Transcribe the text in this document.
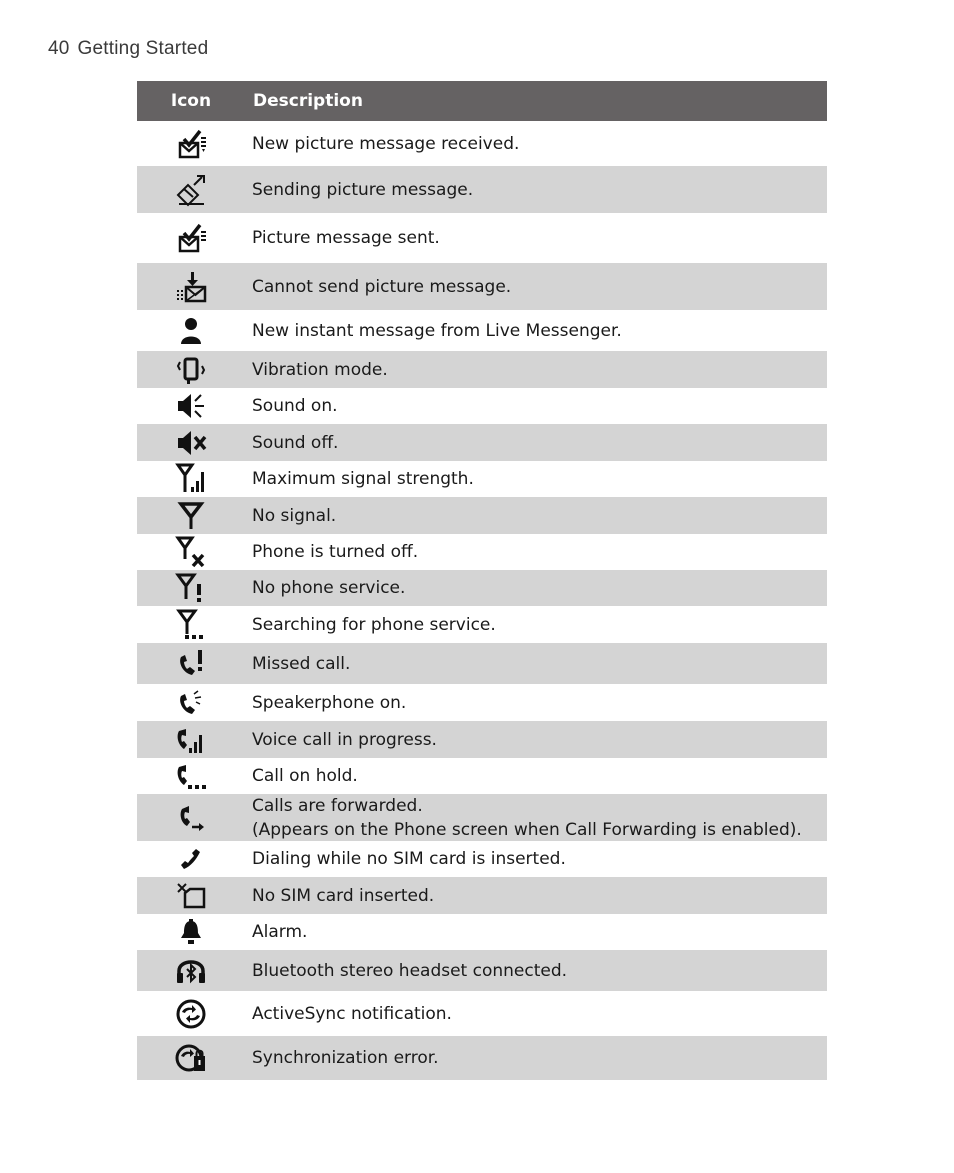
40 Getting Started
Icon	Description
New picture message received.
Sending picture message.
Picture message sent.
Cannot send picture message.
New instant message from Live Messenger.
Vibration mode.
Sound on.
Sound off.
Maximum signal strength.
No signal.
Phone is turned off.
No phone service.
Searching for phone service.
Missed call.
Speakerphone on.
Voice call in progress.
Call on hold.
Calls are forwarded.
(Appears on the Phone screen when Call Forwarding is enabled).
Dialing while no SIM card is inserted.
No SIM card inserted.
Alarm.
Bluetooth stereo headset connected.
ActiveSync notification.
Synchronization error.
